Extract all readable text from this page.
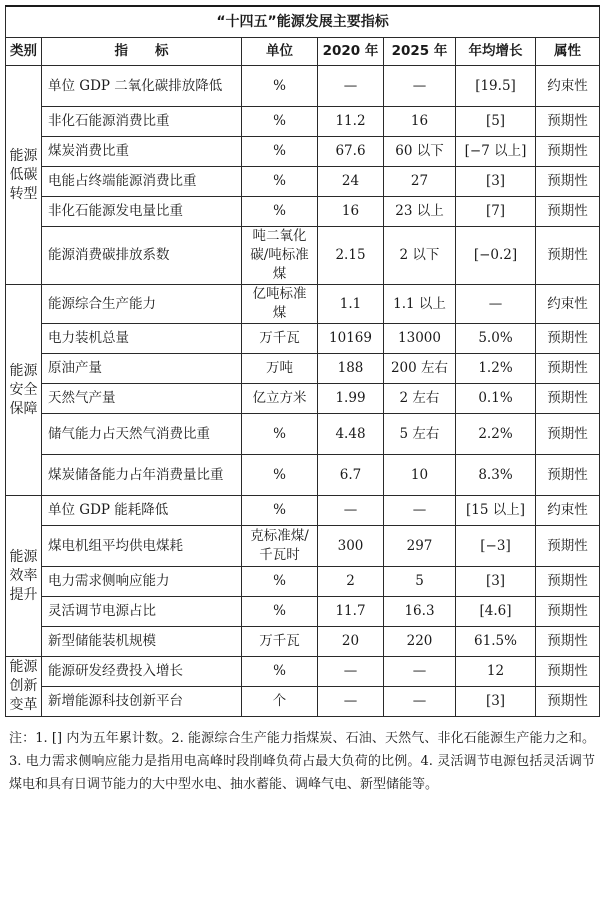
“十四五”能源发展主要指标						
类别	指　　标	单位	2020 年	2025 年	年均增长	属性

能源
低碳
转型	单位 GDP 二氧化碳排放降低	%	—	—	[19.5]	约束性
	非化石能源消费比重	%	11.2	16	[5]	预期性
	煤炭消费比重	%	67.6	60 以下	[−7 以上]	预期性
	电能占终端能源消费比重	%	24	27	[3]	预期性
	非化石能源发电量比重	%	16	23 以上	[7]	预期性
	能源消费碳排放系数	吨二氧化碳/吨标准煤	2.15	2 以下	[−0.2]	预期性

能源
安全
保障	能源综合生产能力	亿吨标准煤	1.1	1.1 以上	—	约束性
	电力装机总量	万千瓦	10169	13000	5.0%	预期性
	原油产量	万吨	188	200 左右	1.2%	预期性
	天然气产量	亿立方米	1.99	2 左右	0.1%	预期性
	储气能力占天然气消费比重	%	4.48	5 左右	2.2%	预期性
	煤炭储备能力占年消费量比重	%	6.7	10	8.3%	预期性

能源
效率
提升	单位 GDP 能耗降低	%	—	—	[15 以上]	约束性
	煤电机组平均供电煤耗	克标准煤/千瓦时	300	297	[−3]	预期性
	电力需求侧响应能力	%	2	5	[3]	预期性
	灵活调节电源占比	%	11.7	16.3	[4.6]	预期性
	新型储能装机规模	万千瓦	20	220	61.5%	预期性

能源
创新
变革	能源研发经费投入增长	%	—	—	12	预期性
	新增能源科技创新平台	个	—	—	[3]	预期性

注：1. [] 内为五年累计数。2. 能源综合生产能力指煤炭、石油、天然气、非化石能源生产能力之和。3. 电力需求侧响应能力是指用电高峰时段削峰负荷占最大负荷的比例。4. 灵活调节电源包括灵活调节煤电和具有日调节能力的大中型水电、抽水蓄能、调峰气电、新型储能等。
